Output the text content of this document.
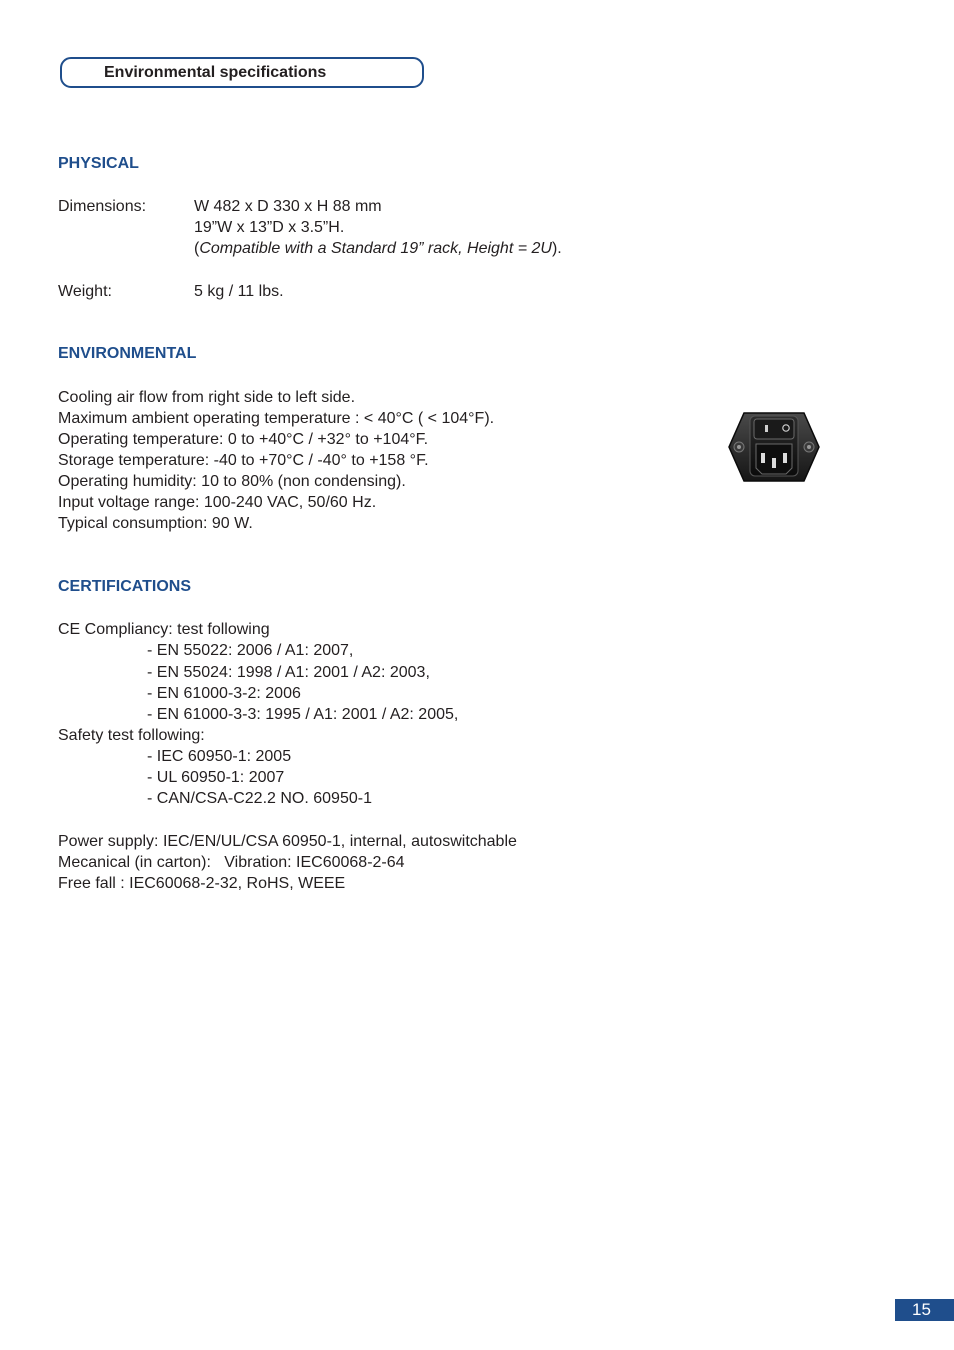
Environmental specifications
PHYSICAL
Dimensions:	W 482 x D 330 x H 88 mm
19”W x 13”D x 3.5”H.
(Compatible with a Standard 19” rack, Height = 2U).
Weight:	5 kg / 11 lbs.
ENVIRONMENTAL
Cooling air flow from right side to left side.
Maximum ambient operating temperature : < 40°C ( < 104°F).
Operating temperature: 0 to +40°C / +32° to +104°F.
Storage temperature: -40 to +70°C / -40° to +158 °F.
Operating humidity: 10 to 80% (non condensing).
Input voltage range: 100-240 VAC, 50/60 Hz.
Typical consumption: 90 W.
CERTIFICATIONS
CE Compliancy: test following
- EN 55022: 2006 / A1: 2007,
- EN 55024: 1998 / A1: 2001 / A2: 2003,
- EN 61000-3-2: 2006
- EN 61000-3-3: 1995 / A1: 2001 / A2: 2005,
Safety test following:
- IEC 60950-1: 2005
- UL 60950-1: 2007
- CAN/CSA-C22.2 NO. 60950-1
Power supply: IEC/EN/UL/CSA 60950-1, internal, autoswitchable
Mecanical (in carton):   Vibration: IEC60068-2-64
Free fall : IEC60068-2-32, RoHS, WEEE
15
